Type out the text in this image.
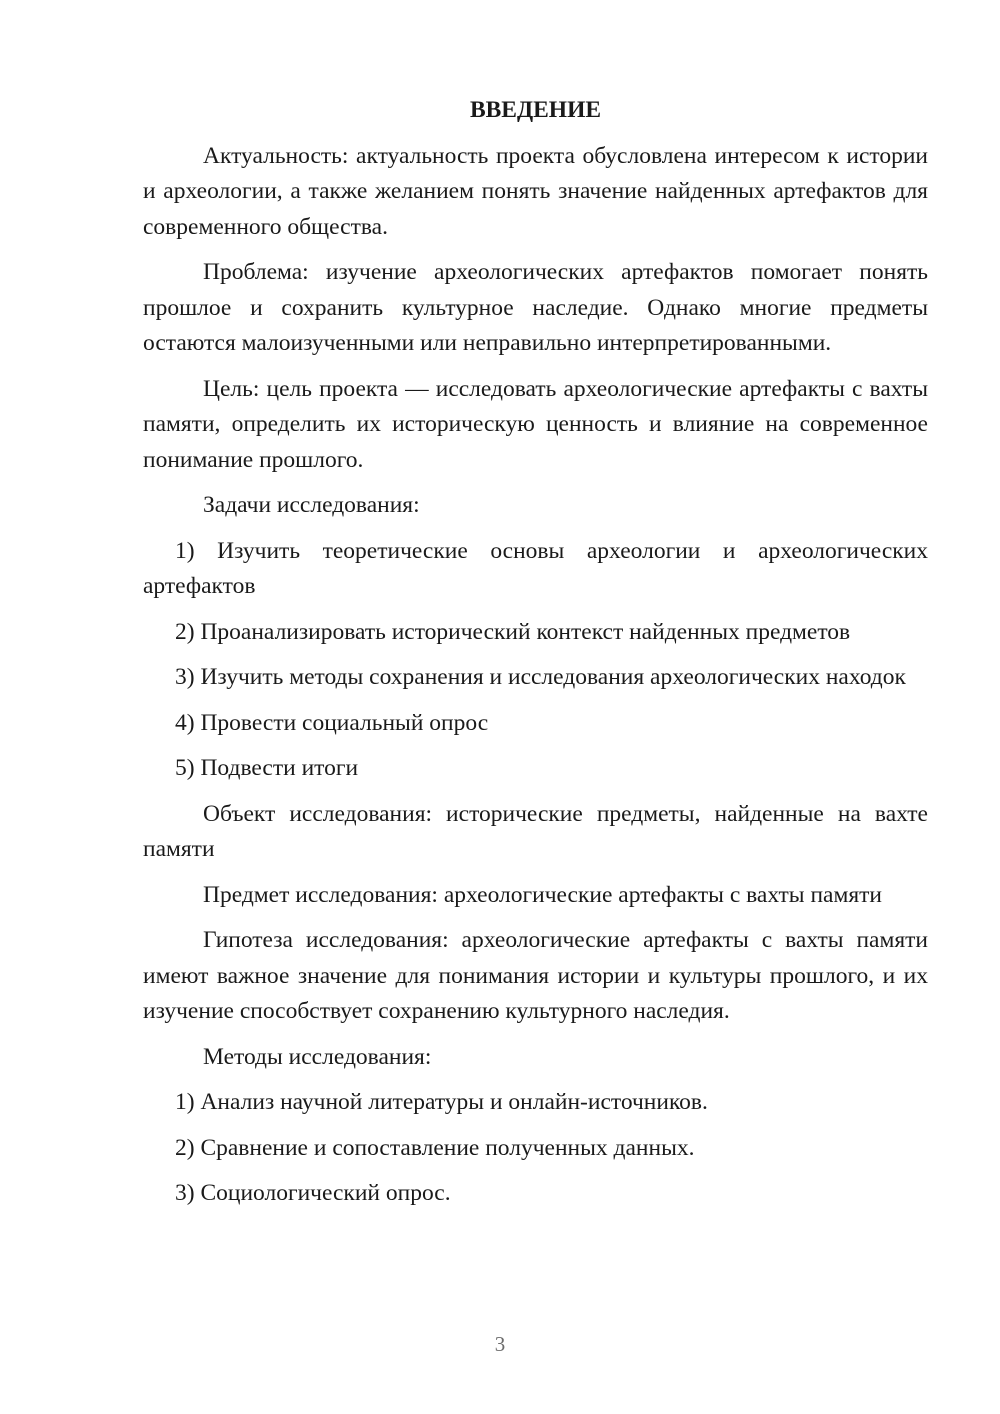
ВВЕДЕНИЕ

Актуальность: актуальность проекта обусловлена интересом к истории и археологии, а также желанием понять значение найденных артефактов для современного общества.

Проблема: изучение археологических артефактов помогает понять прошлое и сохранить культурное наследие. Однако многие предметы остаются малоизученными или неправильно интерпретированными.

Цель: цель проекта — исследовать археологические артефакты с вахты памяти, определить их историческую ценность и влияние на современное понимание прошлого.

Задачи исследования:

1) Изучить теоретические основы археологии и археологических артефактов

2) Проанализировать исторический контекст найденных предметов

3) Изучить методы сохранения и исследования археологических находок

4) Провести социальный опрос

5) Подвести итоги

Объект исследования: исторические предметы, найденные на вахте памяти

Предмет исследования: археологические артефакты с вахты памяти

Гипотеза исследования: археологические артефакты с вахты памяти имеют важное значение для понимания истории и культуры прошлого, и их изучение способствует сохранению культурного наследия.

Методы исследования:

1) Анализ научной литературы и онлайн-источников.

2) Сравнение и сопоставление полученных данных.

3) Социологический опрос.

3
